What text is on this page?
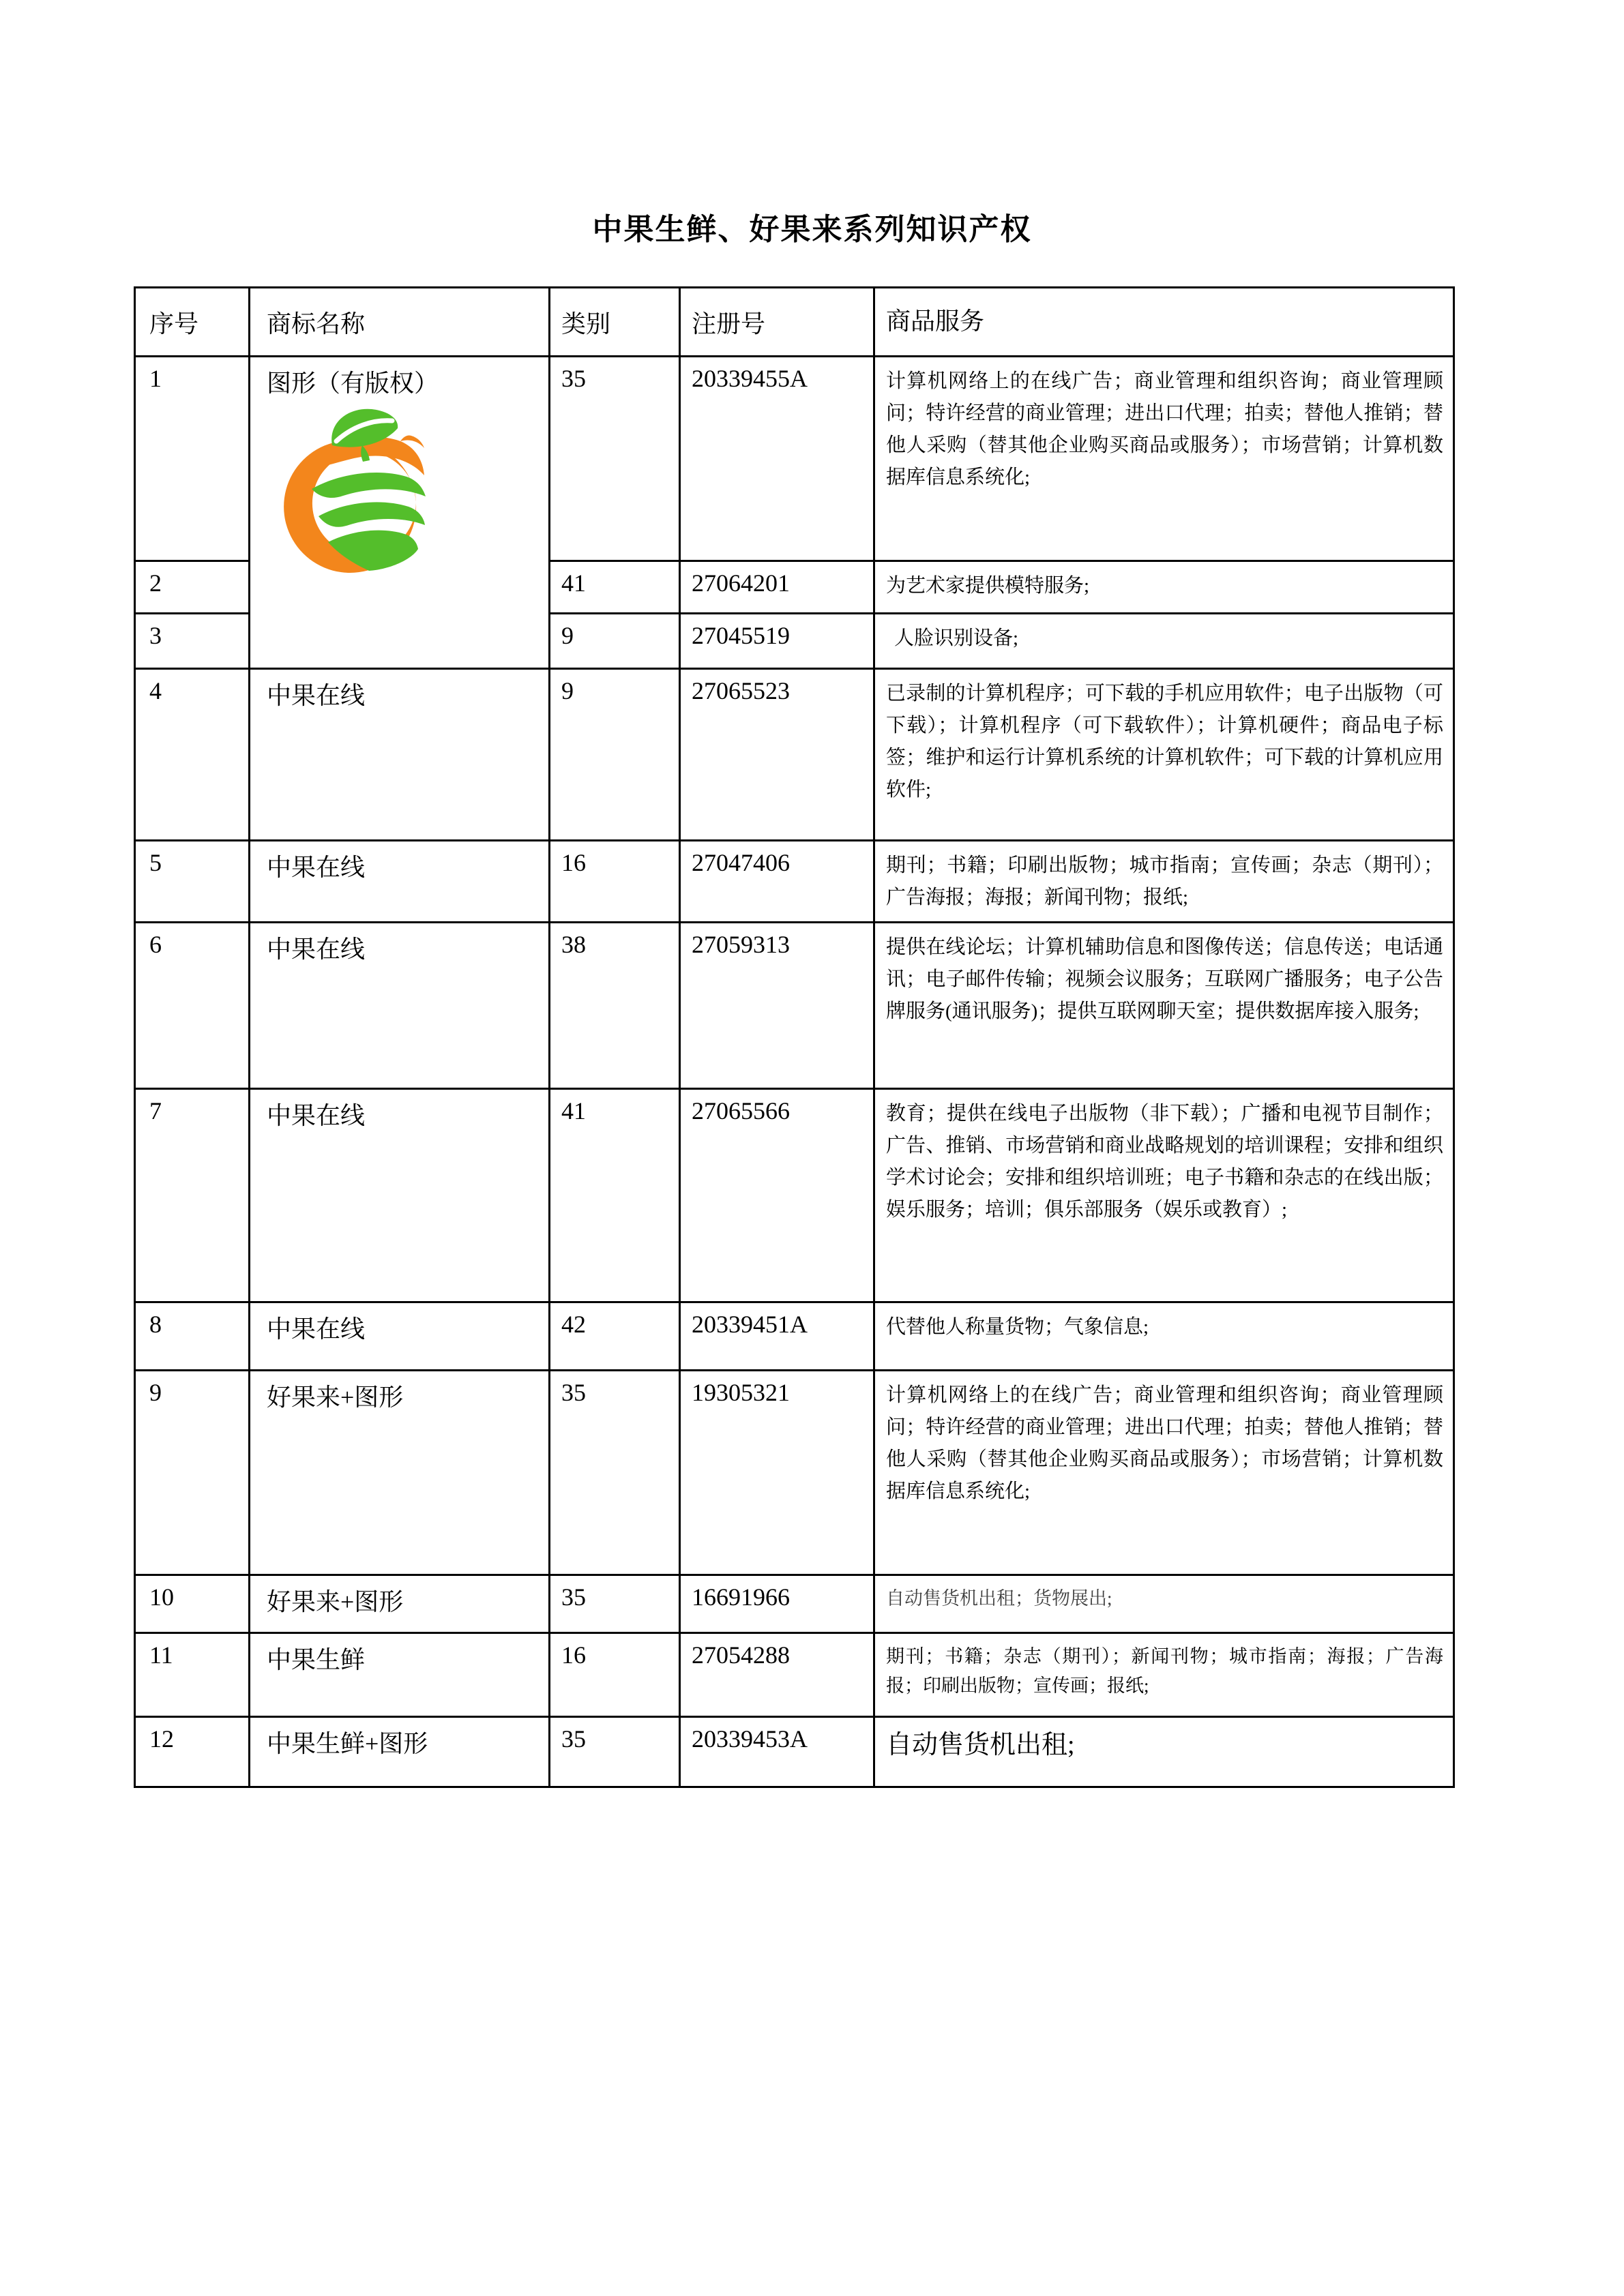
中果生鲜、好果来系列知识产权
序号	商标名称	类别	注册号	商品服务
1	图形（有版权）	35	20339455A	计算机网络上的在线广告；商业管理和组织咨询；商业管理顾问；特许经营的商业管理；进出口代理；拍卖；替他人推销；替他人采购（替其他企业购买商品或服务）；市场营销；计算机数据库信息系统化;
2		41	27064201	为艺术家提供模特服务;
3		9	27045519	人脸识别设备;
4	中果在线	9	27065523	已录制的计算机程序；可下载的手机应用软件；电子出版物（可下载）；计算机程序（可下载软件）；计算机硬件；商品电子标签；维护和运行计算机系统的计算机软件；可下载的计算机应用软件;
5	中果在线	16	27047406	期刊；书籍；印刷出版物；城市指南；宣传画；杂志（期刊）；广告海报；海报；新闻刊物；报纸;
6	中果在线	38	27059313	提供在线论坛；计算机辅助信息和图像传送；信息传送；电话通讯；电子邮件传输；视频会议服务；互联网广播服务；电子公告牌服务(通讯服务)；提供互联网聊天室；提供数据库接入服务;
7	中果在线	41	27065566	教育；提供在线电子出版物（非下载）；广播和电视节目制作；广告、推销、市场营销和商业战略规划的培训课程；安排和组织学术讨论会；安排和组织培训班；电子书籍和杂志的在线出版；娱乐服务；培训；俱乐部服务（娱乐或教育）;
8	中果在线	42	20339451A	代替他人称量货物；气象信息;
9	好果来+图形	35	19305321	计算机网络上的在线广告；商业管理和组织咨询；商业管理顾问；特许经营的商业管理；进出口代理；拍卖；替他人推销；替他人采购（替其他企业购买商品或服务）；市场营销；计算机数据库信息系统化;
10	好果来+图形	35	16691966	自动售货机出租；货物展出;
11	中果生鲜	16	27054288	期刊；书籍；杂志（期刊）；新闻刊物；城市指南；海报；广告海报；印刷出版物；宣传画；报纸;
12	中果生鲜+图形	35	20339453A	自动售货机出租;
